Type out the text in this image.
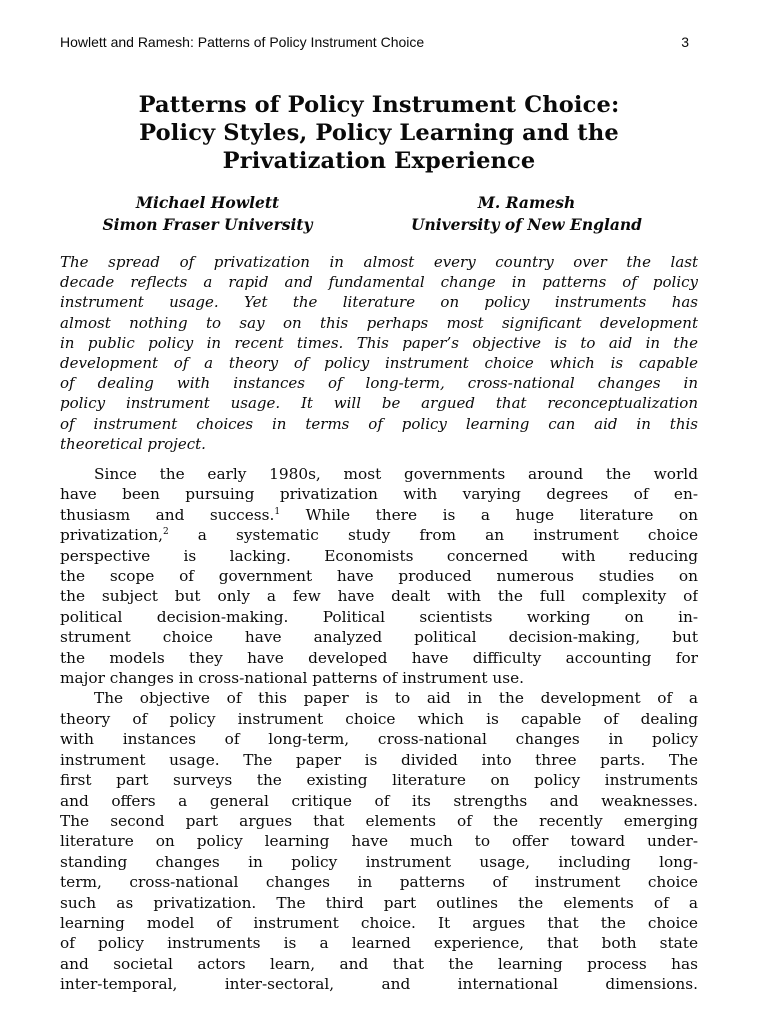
Howlett and Ramesh: Patterns of Policy Instrument Choice	3
Patterns of Policy Instrument Choice:
Policy Styles, Policy Learning and the
Privatization Experience
Michael Howlett
Simon Fraser University
M. Ramesh
University of New England
The spread of privatization in almost every country over the last
decade reflects a rapid and fundamental change in patterns of policy
instrument usage. Yet the literature on policy instruments has
almost nothing to say on this perhaps most significant development
in public policy in recent times. This paper’s objective is to aid in the
development of a theory of policy instrument choice which is capable
of dealing with instances of long-term, cross-national changes in
policy instrument usage. It will be argued that reconceptualization
of instrument choices in terms of policy learning can aid in this
theoretical project.
Since the early 1980s, most governments around the world
have been pursuing privatization with varying degrees of en-
thusiasm and success.$^1$ While there is a huge literature on
privatization,$^2$ a systematic study from an instrument choice
perspective is lacking. Economists concerned with reducing
the scope of government have produced numerous studies on
the subject but only a few have dealt with the full complexity of
political decision-making. Political scientists working on in-
strument choice have analyzed political decision-making, but
the models they have developed have difficulty accounting for
major changes in cross-national patterns of instrument use.
The objective of this paper is to aid in the development of a
theory of policy instrument choice which is capable of dealing
with instances of long-term, cross-national changes in policy
instrument usage. The paper is divided into three parts. The
first part surveys the existing literature on policy instruments
and offers a general critique of its strengths and weaknesses.
The second part argues that elements of the recently emerging
literature on policy learning have much to offer toward under-
standing changes in policy instrument usage, including long-
term, cross-national changes in patterns of instrument choice
such as privatization. The third part outlines the elements of a
learning model of instrument choice. It argues that the choice
of policy instruments is a learned experience, that both state
and societal actors learn, and that the learning process has
inter-temporal, inter-sectoral, and international dimensions.
